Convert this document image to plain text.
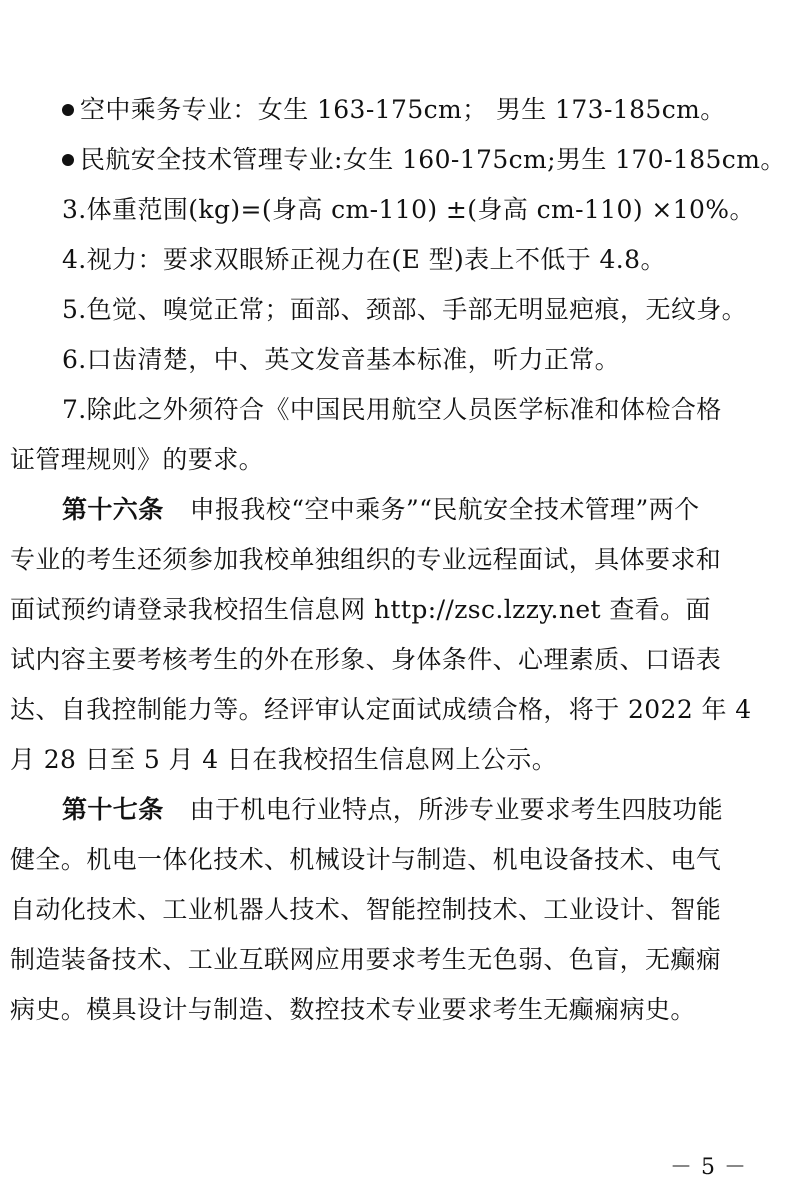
空中乘务专业：女生 163-175cm； 男生 173-185cm。
民航安全技术管理专业:女生 160-175cm;男生 170-185cm。
3.体重范围(kg)=(身高 cm-110) ±(身高 cm-110) ×10%。
4.视力：要求双眼矫正视力在(E 型)表上不低于 4.8。
5.色觉、嗅觉正常；面部、颈部、手部无明显疤痕，无纹身。
6.口齿清楚，中、英文发音基本标准，听力正常。
7.除此之外须符合《中国民用航空人员医学标准和体检合格
证管理规则》的要求。
第十六条 申报我校“空中乘务”“民航安全技术管理”两个
专业的考生还须参加我校单独组织的专业远程面试，具体要求和
面试预约请登录我校招生信息网 http://zsc.lzzy.net 查看。面
试内容主要考核考生的外在形象、身体条件、心理素质、口语表
达、自我控制能力等。经评审认定面试成绩合格，将于 2022 年 4
月 28 日至 5 月 4 日在我校招生信息网上公示。
第十七条 由于机电行业特点，所涉专业要求考生四肢功能
健全。机电一体化技术、机械设计与制造、机电设备技术、电气
自动化技术、工业机器人技术、智能控制技术、工业设计、智能
制造装备技术、工业互联网应用要求考生无色弱、色盲，无癫痫
病史。模具设计与制造、数控技术专业要求考生无癫痫病史。
－ 5 －
